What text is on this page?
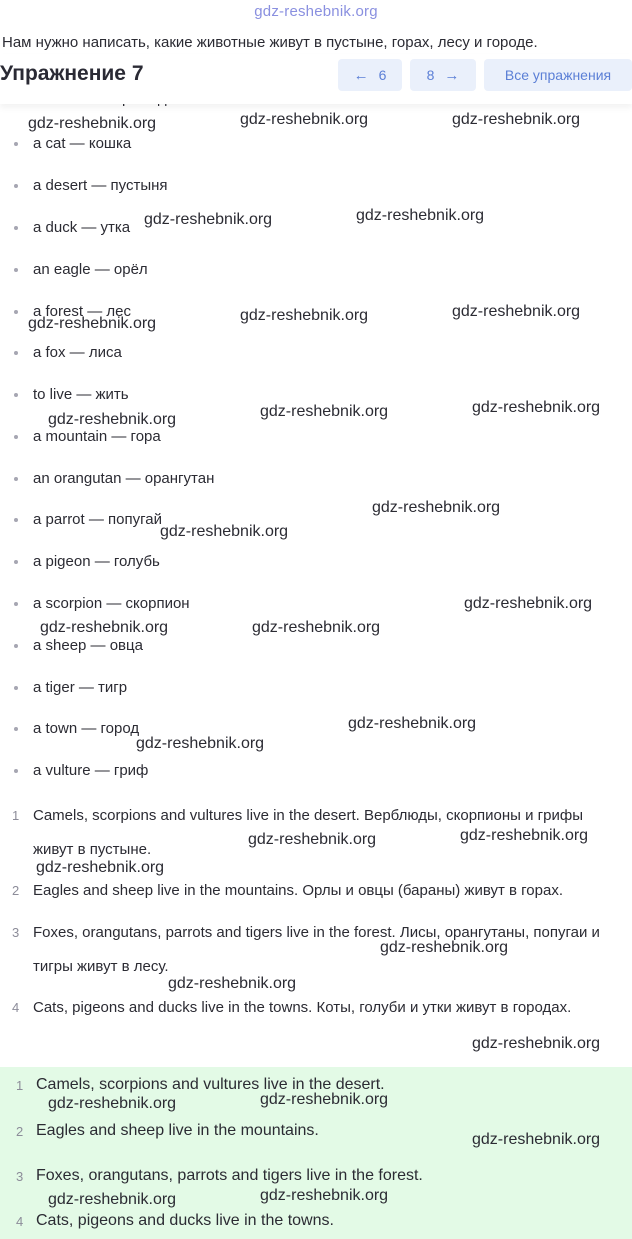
gdz-reshebnik.org
Нам нужно написать, какие животные живут в пустыне, горах, лесу и городе.
Упражнение 7	← 6	8 →	Все упражнения
a cat — кошка
a desert — пустыня
a duck — утка
an eagle — орёл
a forest — лес
a fox — лиса
to live — жить
a mountain — гора
an orangutan — орангутан
a parrot — попугай
a pigeon — голубь
a scorpion — скорпион
a sheep — овца
a tiger — тигр
a town — город
a vulture — гриф
1 Camels, scorpions and vultures live in the desert. Верблюды, скорпионы и грифы живут в пустыне.
2 Eagles and sheep live in the mountains. Орлы и овцы (бараны) живут в горах.
3 Foxes, orangutans, parrots and tigers live in the forest. Лисы, орангутаны, попугаи и тигры живут в лесу.
4 Cats, pigeons and ducks live in the towns. Коты, голуби и утки живут в городах.
1 Camels, scorpions and vultures live in the desert.
2 Eagles and sheep live in the mountains.
3 Foxes, orangutans, parrots and tigers live in the forest.
4 Cats, pigeons and ducks live in the towns.
gdz-reshebnik.org	gdz-reshebnik.org	gdz-reshebnik.org
gdz-reshebnik.org	gdz-reshebnik.org
gdz-reshebnik.org	gdz-reshebnik.org	gdz-reshebnik.org
gdz-reshebnik.org	gdz-reshebnik.org	gdz-reshebnik.org
gdz-reshebnik.org
gdz-reshebnik.org
gdz-reshebnik.org
gdz-reshebnik.org	gdz-reshebnik.org
gdz-reshebnik.org
gdz-reshebnik.org
gdz-reshebnik.org	gdz-reshebnik.org
gdz-reshebnik.org
gdz-reshebnik.org
gdz-reshebnik.org
gdz-reshebnik.org
gdz-reshebnik.org	gdz-reshebnik.org
gdz-reshebnik.org
gdz-reshebnik.org	gdz-reshebnik.org
